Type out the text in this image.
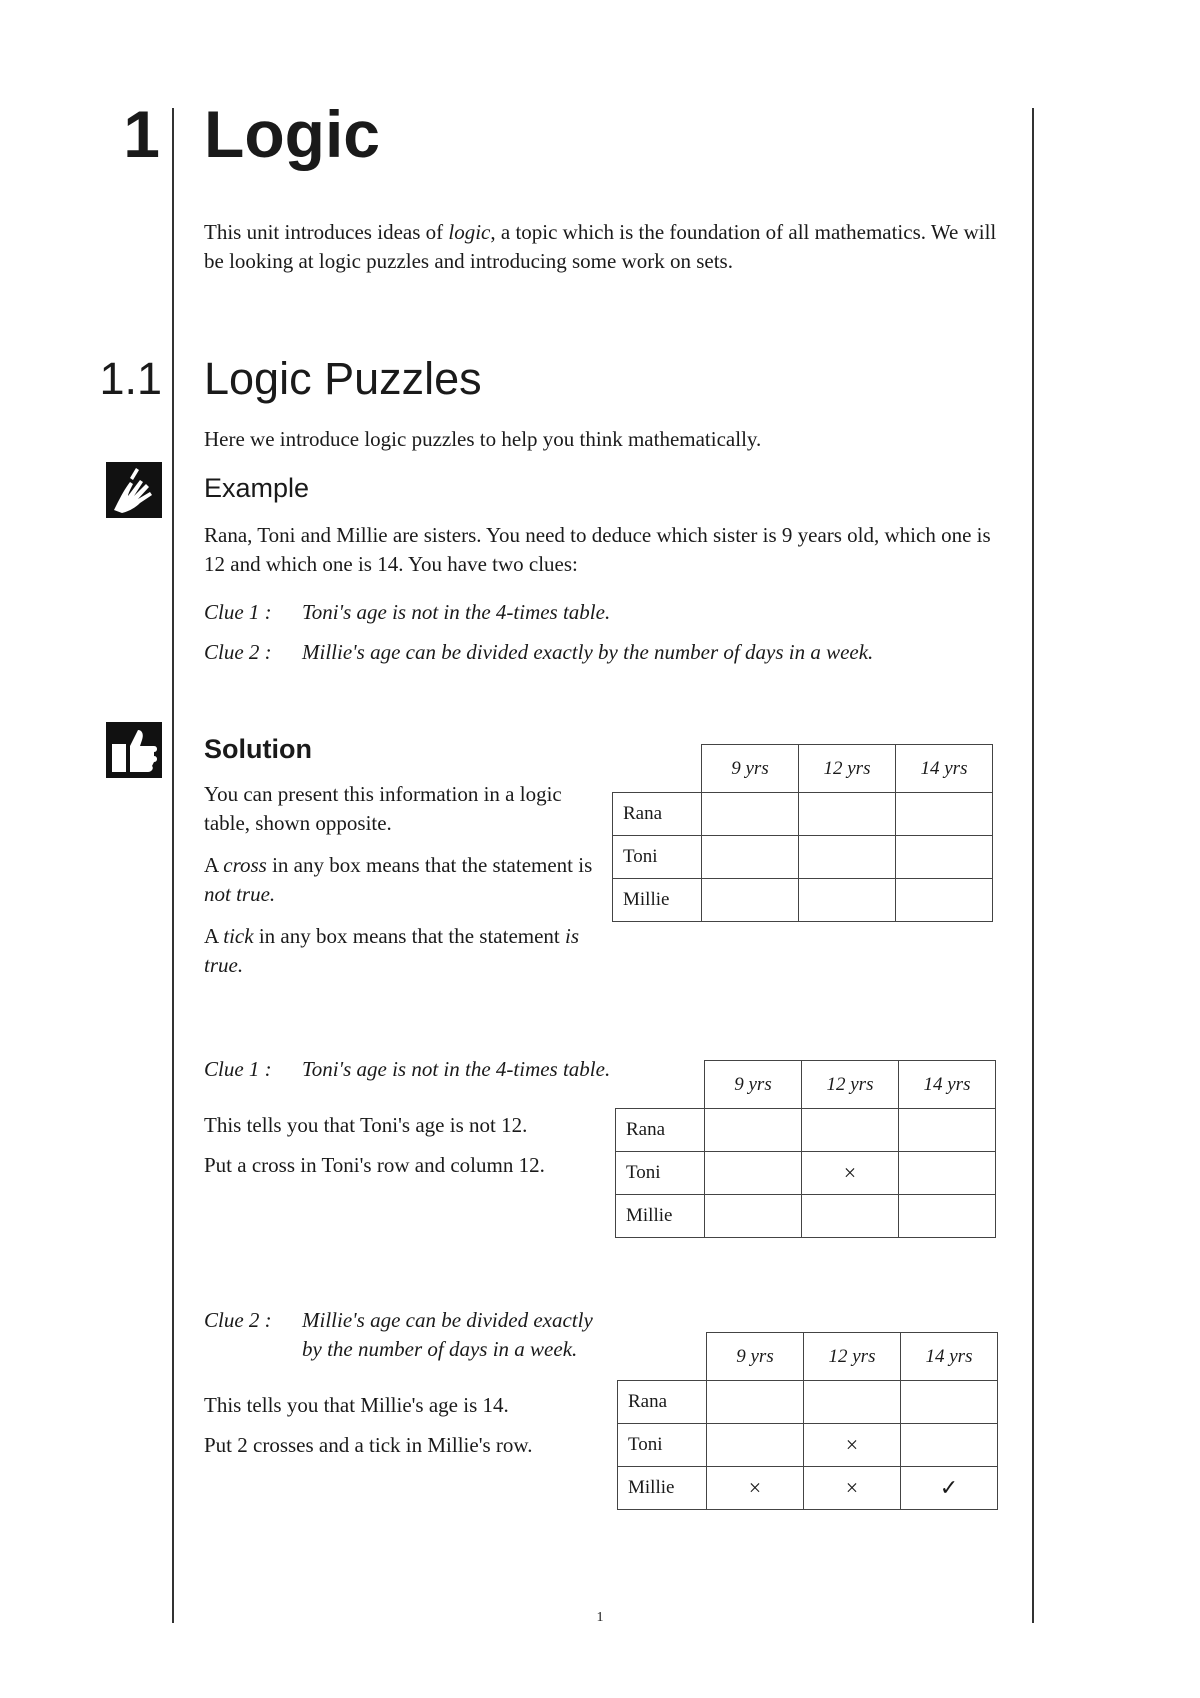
1 Logic
This unit introduces ideas of logic, a topic which is the foundation of all mathematics. We will be looking at logic puzzles and introducing some work on sets.
1.1 Logic Puzzles
Here we introduce logic puzzles to help you think mathematically.
Example
Rana, Toni and Millie are sisters. You need to deduce which sister is 9 years old, which one is 12 and which one is 14. You have two clues:
Clue 1 : Toni's age is not in the 4-times table.
Clue 2 : Millie's age can be divided exactly by the number of days in a week.
Solution

You can present this information in a logic table, shown opposite.

A cross in any box means that the statement is not true.

A tick in any box means that the statement is true.

Clue 1 : Toni's age is not in the 4-times table.
This tells you that Toni's age is not 12.
Put a cross in Toni's row and column 12.
Clue 2 : Millie's age can be divided exactly
by the number of days in a week.
This tells you that Millie's age is 14.
Put 2 crosses and a tick in Millie's row.
	9 yrs	12 yrs	14 yrs
Rana			
Toni			
Millie			
	9 yrs	12 yrs	14 yrs
Rana			
Toni		×	
Millie			
	9 yrs	12 yrs	14 yrs
Rana			
Toni		×	
Millie	×	×	✓
1
